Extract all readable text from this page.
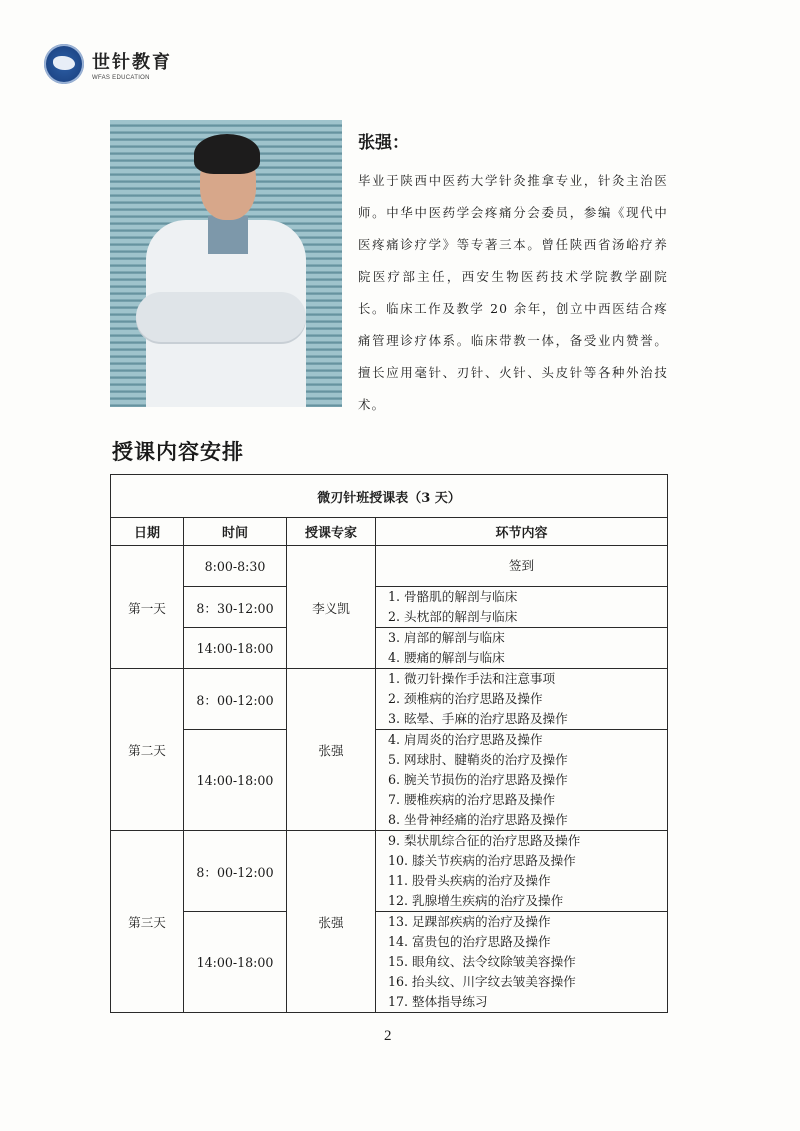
世针教育
WFAS EDUCATION
张强：
毕业于陕西中医药大学针灸推拿专业，针灸主治医师。中华中医药学会疼痛分会委员，参编《现代中医疼痛诊疗学》等专著三本。曾任陕西省汤峪疗养院医疗部主任，西安生物医药技术学院教学副院长。临床工作及教学 20 余年，创立中西医结合疼痛管理诊疗体系。临床带教一体，备受业内赞誉。擅长应用毫针、刃针、火针、头皮针等各种外治技术。
授课内容安排
微刃针班授课表（3 天）			
日期	时间	授课专家	环节内容
第一天	8:00-8:30	李义凯	签到
	8：30-12:00		1. 骨骼肌的解剖与临床
2. 头枕部的解剖与临床

	14:00-18:00		3. 肩部的解剖与临床
4. 腰痛的解剖与临床

第二天	8：00-12:00	张强	1. 微刃针操作手法和注意事项
2. 颈椎病的治疗思路及操作
3. 眩晕、手麻的治疗思路及操作

	14:00-18:00		4. 肩周炎的治疗思路及操作
5. 网球肘、腱鞘炎的治疗及操作
6. 腕关节损伤的治疗思路及操作
7. 腰椎疾病的治疗思路及操作
8. 坐骨神经痛的治疗思路及操作

第三天	8：00-12:00	张强	9. 梨状肌综合征的治疗思路及操作
10. 膝关节疾病的治疗思路及操作
11. 股骨头疾病的治疗及操作
12. 乳腺增生疾病的治疗及操作

	14:00-18:00		13. 足踝部疾病的治疗及操作
14. 富贵包的治疗思路及操作
15. 眼角纹、法令纹除皱美容操作
16. 抬头纹、川字纹去皱美容操作
17. 整体指导练习
2
